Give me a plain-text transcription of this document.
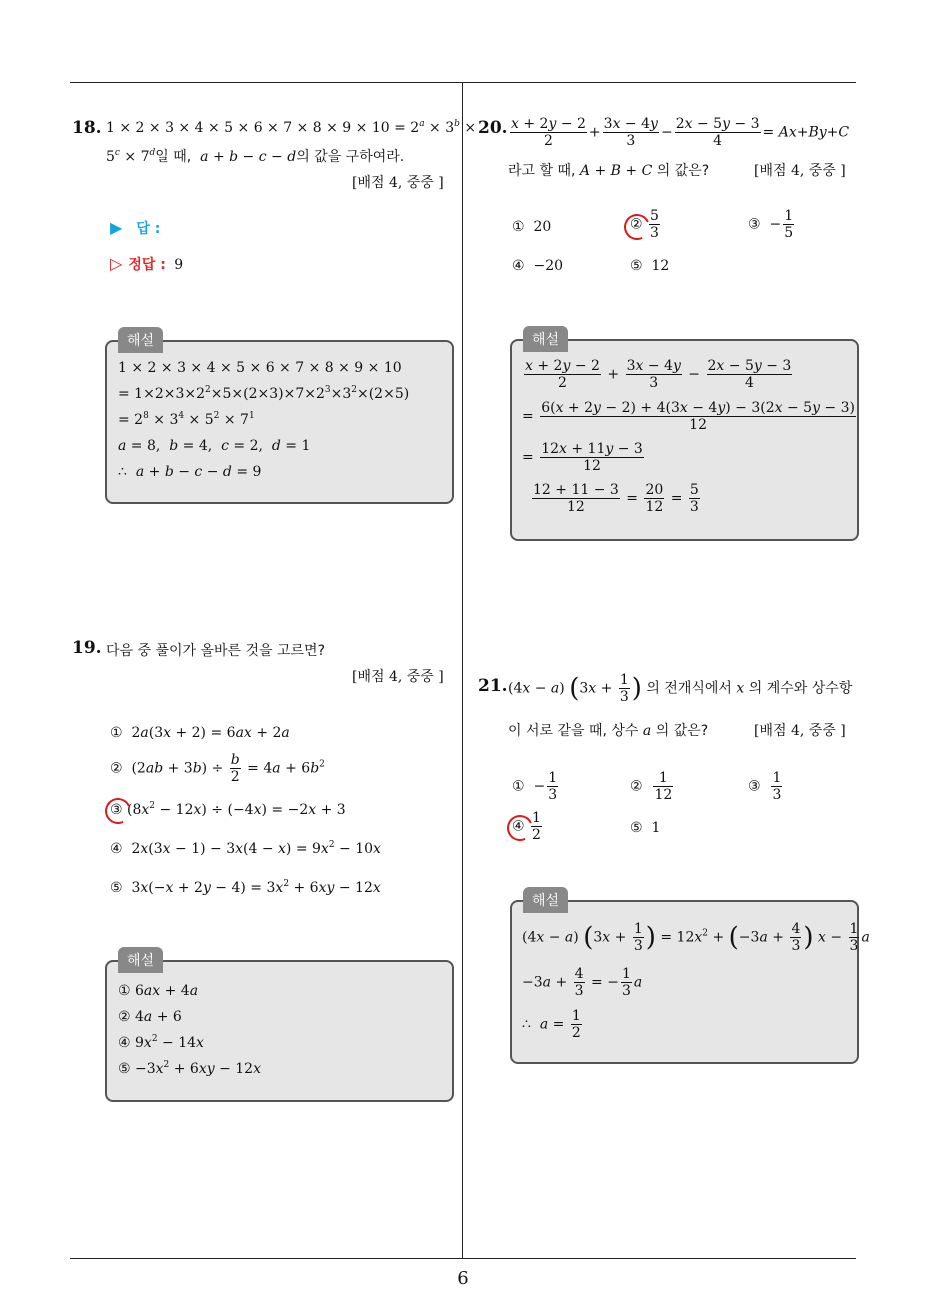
6
18. $1 \times 2 \times 3 \times 4 \times 5 \times 6 \times 7 \times 8 \times 9 \times 10 = 2^a \times 3^b$ ×
$5^c \times 7^d$일 때, a + b − c − d의 값을 구하여라.
[배점 4, 중중 ]
▶ 답 :
▷ 정답 : 9
해설
1 × 2 × 3 × 4 × 5 × 6 × 7 × 8 × 9 × 10
= $1\times 2\times 3\times 2^2\times 5\times(2\times 3)\times 7\times 2^3\times 3^2\times(2\times 5)$
= $2^8 \times 3^4 \times 5^2 \times 7^1$
a = 8,  b = 4,  c = 2,  d = 1
∴  a + b − c − d = 9
19. 다음 중 풀이가 올바른 것을 고르면?
[배점 4, 중중 ]
①  2a(3x + 2) = 6ax + 2a
②  $(2ab + 3b) \div \frac{b}{2} = 4a + 6b^2$
③ $(8x^2 - 12x) \div (-4x) = -2x + 3$
④  $2x(3x - 1) - 3x(4 - x) = 9x^2 - 10x$
⑤  $3x(-x + 2y - 4) = 3x^2 + 6xy - 12x$
해설
① 6ax + 4a
② 4a + 6
④ $9x^2 - 14x$
⑤ $-3x^2 + 6xy - 12x$
20. $\frac{x + 2y - 2}{2} + \frac{3x - 4y}{3} - \frac{2x - 5y - 3}{4} = Ax+By+C$
라고 할 때, A + B + C 의 값은?	[배점 4, 중중 ]
① 20	② $\frac{5}{3}$	③  − $\frac{1}{5}$
④ −20	⑤ 12
해설
$\frac{x + 2y - 2}{2} + \frac{3x - 4y}{3} - \frac{2x - 5y - 3}{4}$
= $\frac{6(x + 2y - 2) + 4(3x - 4y) - 3(2x - 5y - 3)}{12}$
= $\frac{12x + 11y - 3}{12}$
$\frac{12 + 11 - 3}{12} = \frac{20}{12} = \frac{5}{3}$
21. (4x − a) ($3x + \frac{1}{3}$ ) 의 전개식에서 x 의 계수와 상수항
이 서로 같을 때, 상수 a 의 값은?	[배점 4, 중중 ]
①  − $\frac{1}{3}$	② $\frac{1}{12}$	③ $\frac{1}{3}$
④ $\frac{1}{2}$	⑤ 1
해설
(4x − a) ($3x + \frac{1}{3}$ ) = $12x^2 + (-3a + \frac{4}{3}$ ) $x - \frac{1}{3}$ a
$-3a + \frac{4}{3}$ = − $\frac{1}{3}$ a
∴  $a = \frac{1}{2}$
